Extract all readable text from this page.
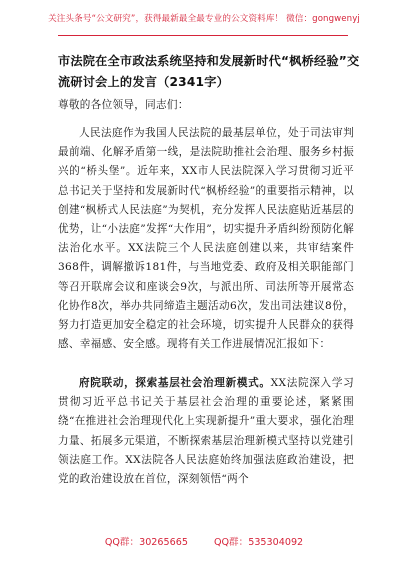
关注头条号“公文研究”，获得最新最全最专业的公文资料库！ 微信：gongwenyj
市法院在全市政法系统坚持和发展新时代“枫桥经验”交流研讨会上的发言（2341字）
尊敬的各位领导，同志们：
人民法庭作为我国人民法院的最基层单位，处于司法审判最前端、化解矛盾第一线，是法院助推社会治理、服务乡村振兴的“桥头堡”。近年来，XX市人民法院深入学习贯彻习近平总书记关于坚持和发展新时代“枫桥经验”的重要指示精神，以创建“枫桥式人民法庭”为契机，充分发挥人民法庭贴近基层的优势，让“小法庭”发挥“大作用”，切实提升矛盾纠纷预防化解法治化水平。XX法院三个人民法庭创建以来，共审结案件368件，调解撤诉181件，与当地党委、政府及相关职能部门等召开联席会议和座谈会9次，与派出所、司法所等开展常态化协作8次，举办共同缔造主题活动6次，发出司法建议8份，努力打造更加安全稳定的社会环境，切实提升人民群众的获得感、幸福感、安全感。现将有关工作进展情况汇报如下：
府院联动，探索基层社会治理新模式。XX法院深入学习贯彻习近平总书记关于基层社会治理的重要论述，紧紧围绕“在推进社会治理现代化上实现新提升”重大要求，强化治理力量、拓展多元渠道，不断探索基层治理新模式坚持以党建引领法庭工作。XX法院各人民法庭始终加强法庭政治建设，把党的政治建设放在首位，深刻领悟“两个
QQ群：30265665	QQ群：535304092
